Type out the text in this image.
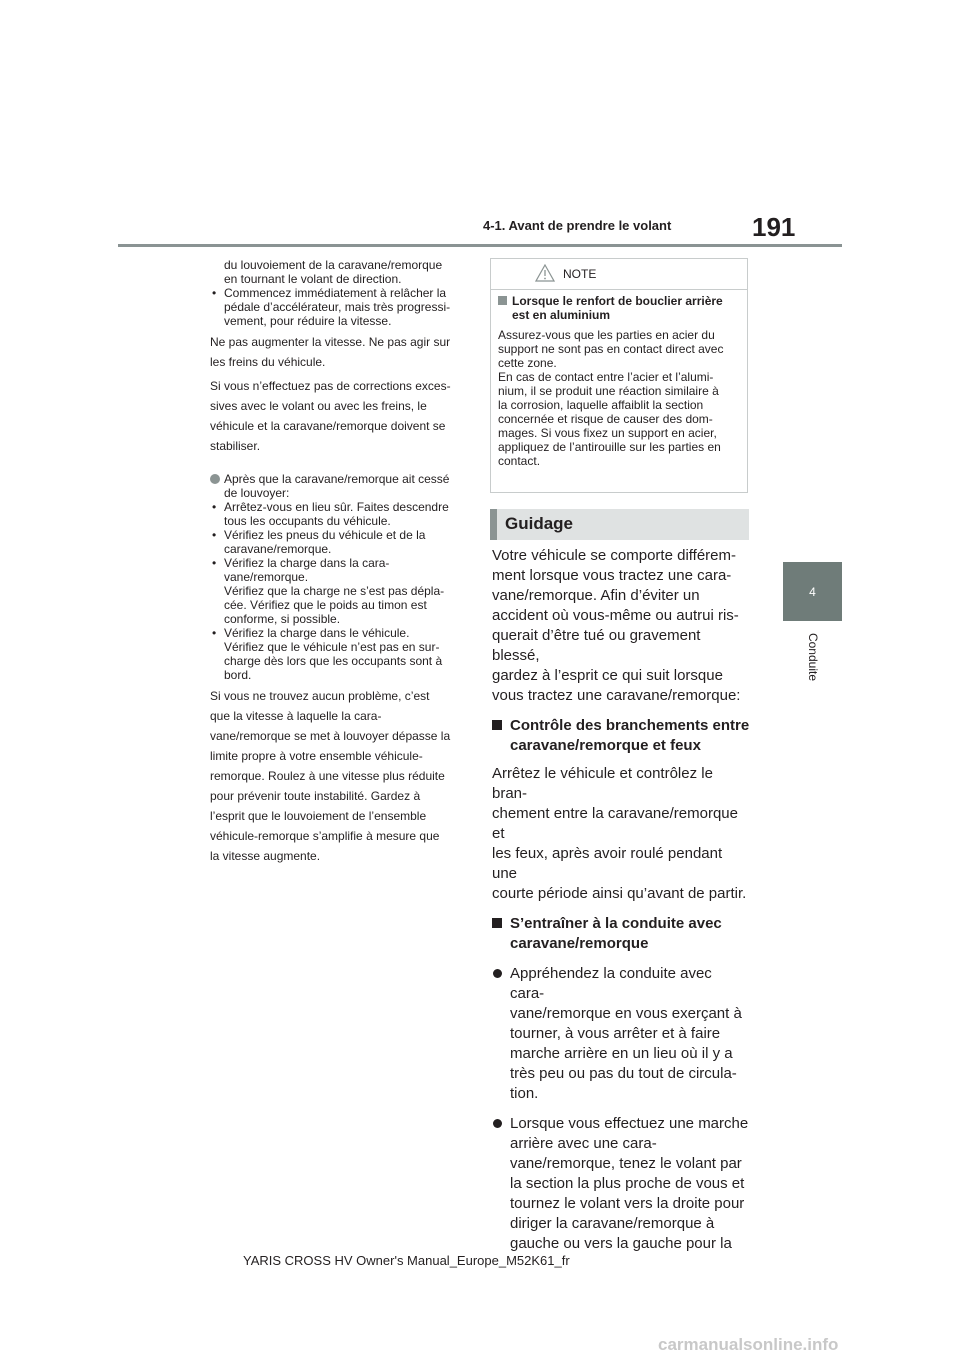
4-1. Avant de prendre le volant	191
4
Conduite

du louvoiement de la caravane/remorque

en tournant le volant de direction.

• Commencez immédiatement à relâcher la

pédale d’accélérateur, mais très progressi-

vement, pour réduire la vitesse.

Ne pas augmenter la vitesse. Ne pas agir sur

les freins du véhicule.

Si vous n’effectuez pas de corrections exces-

sives avec le volant ou avec les freins, le

véhicule et la caravane/remorque doivent se

stabiliser.

Après que la caravane/remorque ait cessé

de louvoyer:

• Arrêtez-vous en lieu sûr. Faites descendre

tous les occupants du véhicule.

• Vérifiez les pneus du véhicule et de la

caravane/remorque.

• Vérifiez la charge dans la cara-

vane/remorque.

Vérifiez que la charge ne s’est pas dépla-

cée. Vérifiez que le poids au timon est

conforme, si possible.

• Vérifiez la charge dans le véhicule.

Vérifiez que le véhicule n’est pas en sur-

charge dès lors que les occupants sont à

bord.

Si vous ne trouvez aucun problème, c’est

que la vitesse à laquelle la cara-

vane/remorque se met à louvoyer dépasse la

limite propre à votre ensemble véhicule-

remorque. Roulez à une vitesse plus réduite

pour prévenir toute instabilité. Gardez à

l’esprit que le louvoiement de l’ensemble

véhicule-remorque s’amplifie à mesure que

la vitesse augmente.

NOTE

Lorsque le renfort de bouclier arrière

est en aluminium

Assurez-vous que les parties en acier du

support ne sont pas en contact direct avec

cette zone.

En cas de contact entre l’acier et l’alumi-

nium, il se produit une réaction similaire à

la corrosion, laquelle affaiblit la section

concernée et risque de causer des dom-

mages. Si vous fixez un support en acier,

appliquez de l’antirouille sur les parties en

contact.

Guidage

Votre véhicule se comporte différem-

ment lorsque vous tractez une cara-

vane/remorque. Afin d’éviter un

accident où vous-même ou autrui ris-

querait d’être tué ou gravement blessé,

gardez à l’esprit ce qui suit lorsque

vous tractez une caravane/remorque:

Contrôle des branchements entre

caravane/remorque et feux

Arrêtez le véhicule et contrôlez le bran-

chement entre la caravane/remorque et

les feux, après avoir roulé pendant une

courte période ainsi qu’avant de partir.

S’entraîner à la conduite avec

caravane/remorque

Appréhendez la conduite avec cara-

vane/remorque en vous exerçant à

tourner, à vous arrêter et à faire

marche arrière en un lieu où il y a

très peu ou pas du tout de circula-

tion.

Lorsque vous effectuez une marche

arrière avec une cara-

vane/remorque, tenez le volant par

la section la plus proche de vous et

tournez le volant vers la droite pour

diriger la caravane/remorque à

gauche ou vers la gauche pour la

YARIS CROSS HV Owner's Manual_Europe_M52K61_fr
carmanualsonline.info
